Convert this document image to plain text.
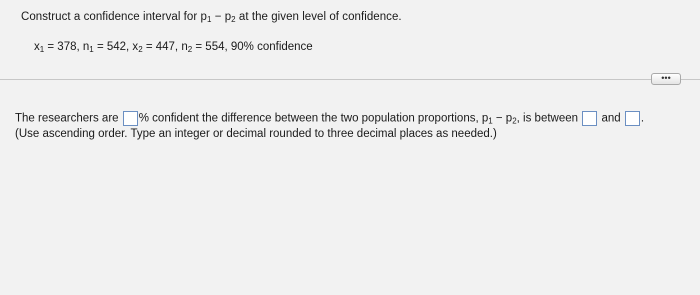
Construct a confidence interval for $p_1 - p_2$ at the given level of confidence.
$x_1 = 378$, $n_1 = 542$, $x_2 = 447$, $n_2 = 554$, 90% confidence
•••
The researchers are % confident the difference between the two population proportions, $p_1 - p_2$, is between  and .
(Use ascending order. Type an integer or decimal rounded to three decimal places as needed.)
